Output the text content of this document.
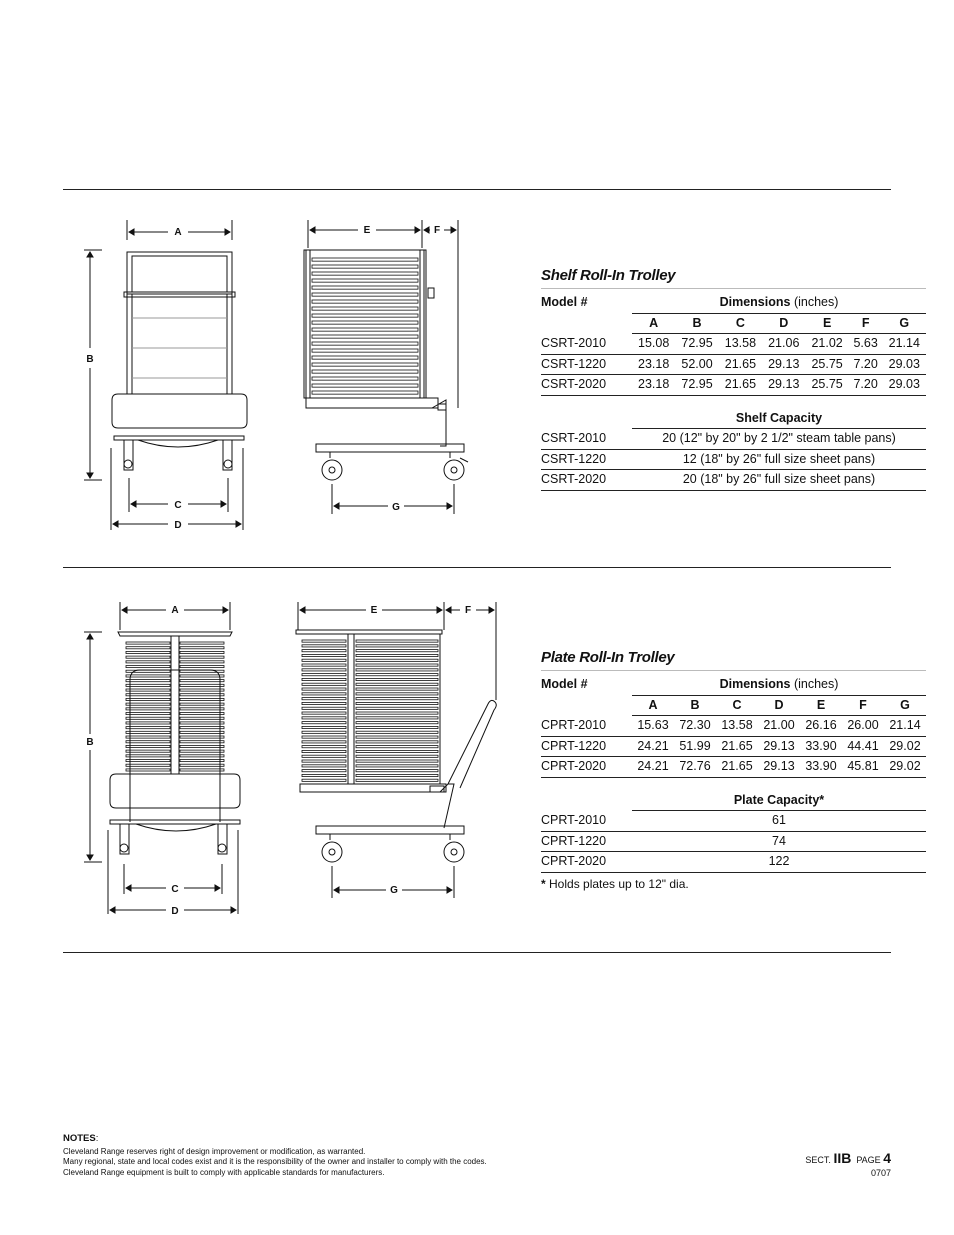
A
B
C
D
E	F
G
Shelf Roll-In Trolley
Model #	Dimensions (inches)						
	A	B	C	D	E	F	G
CSRT-2010	15.08	72.95	13.58	21.06	21.02	5.63	21.14
CSRT-1220	23.18	52.00	21.65	29.13	25.75	7.20	29.03
CSRT-2020	23.18	72.95	21.65	29.13	25.75	7.20	29.03

	Shelf Capacity						
CSRT-2010	20 (12" by 20" by 2 1/2" steam table pans)						
CSRT-1220	12 (18" by 26" full size sheet pans)						
CSRT-2020	20 (18" by 26" full size sheet pans)						
A
B
C
D
E	F
G
Plate Roll-In Trolley
Model #	Dimensions (inches)						
	A	B	C	D	E	F	G
CPRT-2010	15.63	72.30	13.58	21.00	26.16	26.00	21.14
CPRT-1220	24.21	51.99	21.65	29.13	33.90	44.41	29.02
CPRT-2020	24.21	72.76	21.65	29.13	33.90	45.81	29.02

	Plate Capacity*						
CPRT-2010	61						
CPRT-1220	74						
CPRT-2020	122						
* Holds plates up to 12" dia.
NOTES:
Cleveland Range reserves right of design improvement or modification, as warranted.
Many regional, state and local codes exist and it is the responsibility of the owner and installer to comply with the codes.
Cleveland Range equipment is built to comply with applicable standards for manufacturers.
SECT. IIB PAGE 4
0707
